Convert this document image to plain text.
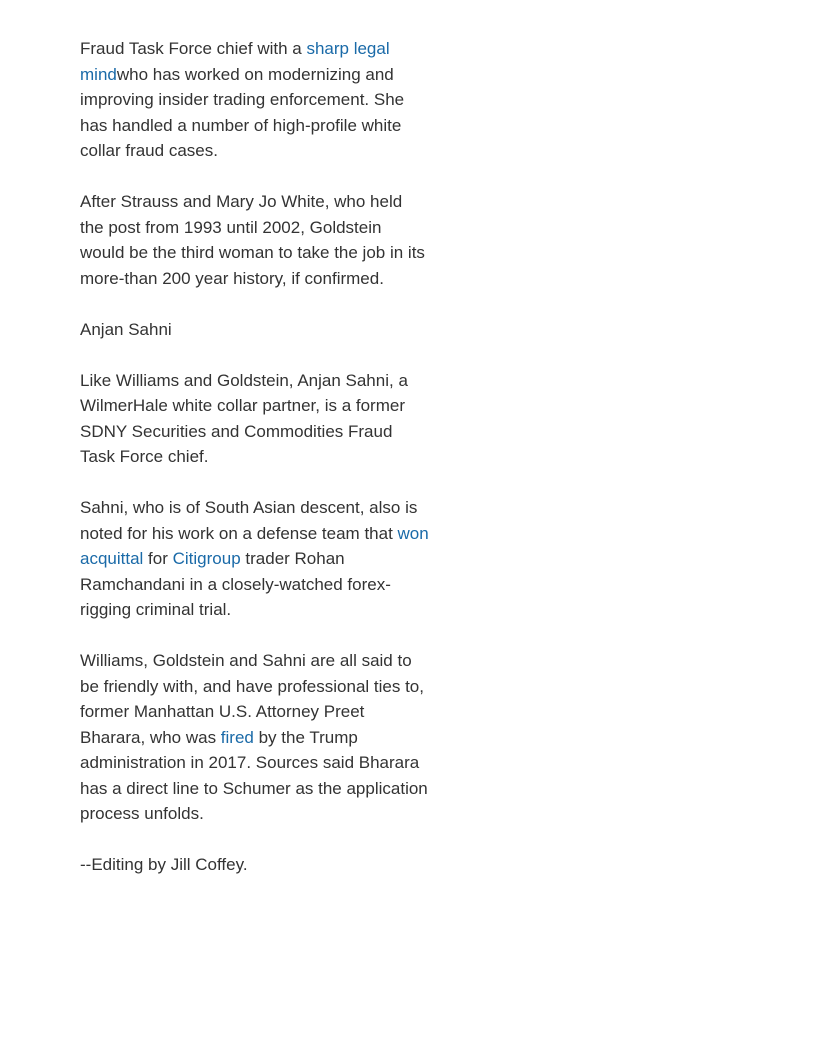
Fraud Task Force chief with a sharp legal mindwho has worked on modernizing and improving insider trading enforcement. She has handled a number of high-profile white collar fraud cases.

After Strauss and Mary Jo White, who held the post from 1993 until 2002, Goldstein would be the third woman to take the job in its more-than 200 year history, if confirmed.

Anjan Sahni

Like Williams and Goldstein, Anjan Sahni, a WilmerHale white collar partner, is a former SDNY Securities and Commodities Fraud Task Force chief.

Sahni, who is of South Asian descent, also is noted for his work on a defense team that won acquittal for Citigroup trader Rohan Ramchandani in a closely-watched forex-rigging criminal trial.

Williams, Goldstein and Sahni are all said to be friendly with, and have professional ties to, former Manhattan U.S. Attorney Preet Bharara, who was fired by the Trump administration in 2017. Sources said Bharara has a direct line to Schumer as the application process unfolds.

--Editing by Jill Coffey.
